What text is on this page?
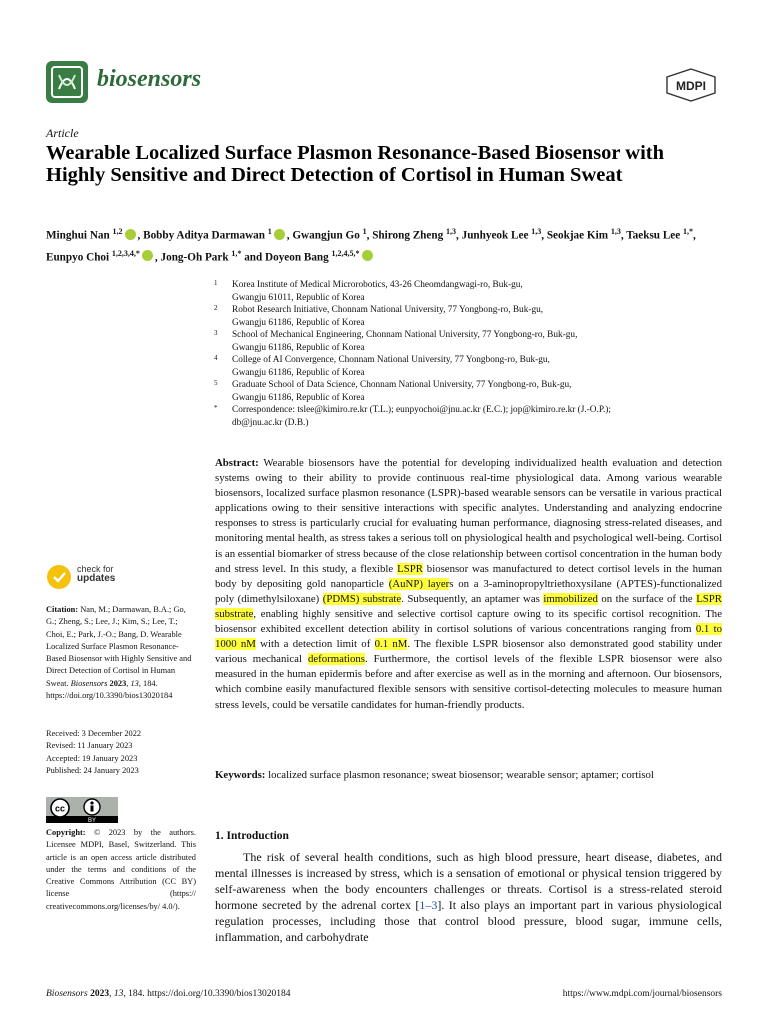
biosensors	MDPI
Article
Wearable Localized Surface Plasmon Resonance-Based Biosensor with Highly Sensitive and Direct Detection of Cortisol in Human Sweat
Minghui Nan $^{1,2}$ , Bobby Aditya Darmawan $^1$ , Gwangjun Go $^1$, Shirong Zheng $^{1,3}$, Junhyeok Lee $^{1,3}$, Seokjae Kim $^{1,3}$, Taeksu Lee $^{1,*}$, Eunpyo Choi $^{1,2,3,4,*}$ , Jong-Oh Park $^{1,*}$ and Doyeon Bang $^{1,2,4,5,*}$
1 Korea Institute of Medical Microrobotics, 43-26 Cheomdangwagi-ro, Buk-gu,
Gwangju 61011, Republic of Korea
2 Robot Research Initiative, Chonnam National University, 77 Yongbong-ro, Buk-gu,
Gwangju 61186, Republic of Korea
3 School of Mechanical Engineering, Chonnam National University, 77 Yongbong-ro, Buk-gu,
Gwangju 61186, Republic of Korea
4 College of AI Convergence, Chonnam National University, 77 Yongbong-ro, Buk-gu,
Gwangju 61186, Republic of Korea
5 Graduate School of Data Science, Chonnam National University, 77 Yongbong-ro, Buk-gu,
Gwangju 61186, Republic of Korea
* Correspondence: tslee@kimiro.re.kr (T.L.); eunpyochoi@jnu.ac.kr (E.C.); jop@kimiro.re.kr (J.-O.P.);
db@jnu.ac.kr (D.B.)
check for
updates
Citation: Nan, M.; Darmawan, B.A.; Go, G.; Zheng, S.; Lee, J.; Kim, S.; Lee, T.; Choi, E.; Park, J.-O.; Bang, D. Wearable Localized Surface Plasmon Resonance-Based Biosensor with Highly Sensitive and Direct Detection of Cortisol in Human Sweat. Biosensors 2023, 13, 184. https://doi.org/10.3390/bios13020184
Received: 3 December 2022
Revised: 11 January 2023
Accepted: 19 January 2023
Published: 24 January 2023
cc
BY
Copyright: © 2023 by the authors. Licensee MDPI, Basel, Switzerland. This article is an open access article distributed under the terms and conditions of the Creative Commons Attribution (CC BY) license (https:// creativecommons.org/licenses/by/ 4.0/).
Abstract: Wearable biosensors have the potential for developing individualized health evaluation and detection systems owing to their ability to provide continuous real-time physiological data. Among various wearable biosensors, localized surface plasmon resonance (LSPR)-based wearable sensors can be versatile in various practical applications owing to their sensitive interactions with specific analytes. Understanding and analyzing endocrine responses to stress is particularly crucial for evaluating human performance, diagnosing stress-related diseases, and monitoring mental health, as stress takes a serious toll on physiological health and psychological well-being. Cortisol is an essential biomarker of stress because of the close relationship between cortisol concentration in the human body and stress level. In this study, a flexible LSPR biosensor was manufactured to detect cortisol levels in the human body by depositing gold nanoparticle (AuNP) layers on a 3-aminopropyltriethoxysilane (APTES)-functionalized poly (dimethylsiloxane) (PDMS) substrate. Subsequently, an aptamer was immobilized on the surface of the LSPR substrate, enabling highly sensitive and selective cortisol capture owing to its specific cortisol recognition. The biosensor exhibited excellent detection ability in cortisol solutions of various concentrations ranging from 0.1 to 1000 nM with a detection limit of 0.1 nM. The flexible LSPR biosensor also demonstrated good stability under various mechanical deformations. Furthermore, the cortisol levels of the flexible LSPR biosensor were also measured in the human epidermis before and after exercise as well as in the morning and afternoon. Our biosensors, which combine easily manufactured flexible sensors with sensitive cortisol-detecting molecules to measure human stress levels, could be versatile candidates for human-friendly products.
Keywords: localized surface plasmon resonance; sweat biosensor; wearable sensor; aptamer; cortisol
1. Introduction
The risk of several health conditions, such as high blood pressure, heart disease, diabetes, and mental illnesses is increased by stress, which is a sensation of emotional or physical tension triggered by self-awareness when the body encounters challenges or threats. Cortisol is a stress-related steroid hormone secreted by the adrenal cortex [1–3]. It also plays an important part in various physiological regulation processes, including those that control blood pressure, blood sugar, immune cells, inflammation, and carbohydrate
Biosensors 2023, 13, 184. https://doi.org/10.3390/bios13020184	https://www.mdpi.com/journal/biosensors
